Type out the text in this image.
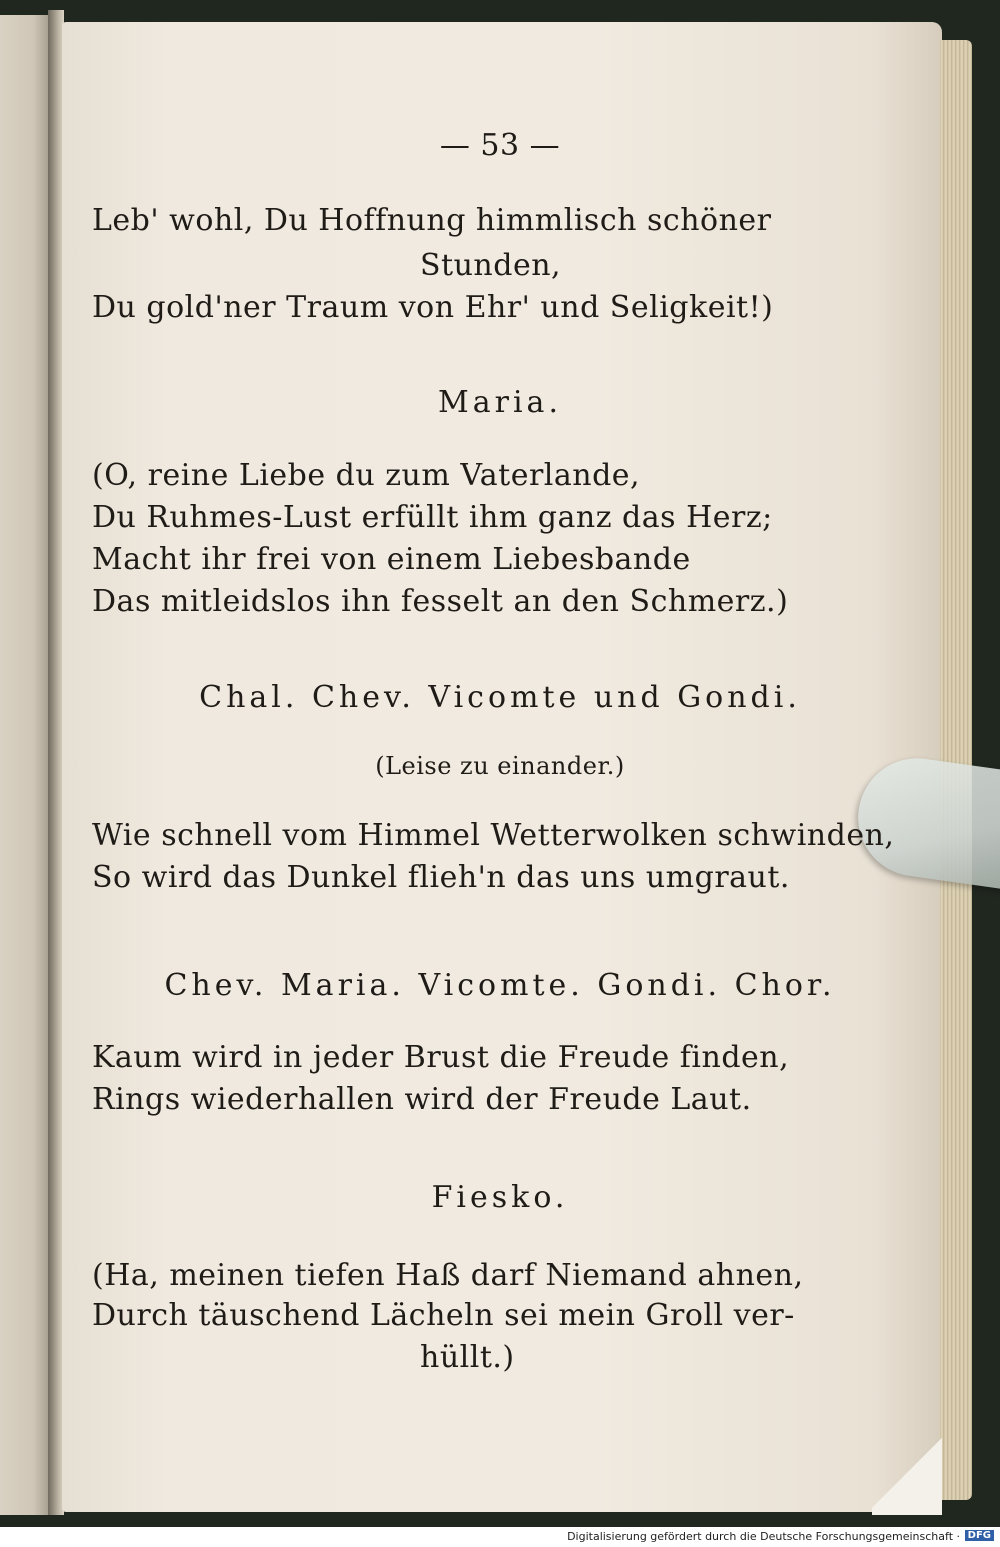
— 53 —
Leb' wohl, Du Hoffnung himmlisch schöner
Stunden,
Du gold'ner Traum von Ehr' und Seligkeit!)
Maria.
(O, reine Liebe du zum Vaterlande,
Du Ruhmes-Lust erfüllt ihm ganz das Herz;
Macht ihr frei von einem Liebesbande
Das mitleidslos ihn fesselt an den Schmerz.)
Chal. Chev. Vicomte und Gondi.
(Leise zu einander.)
Wie schnell vom Himmel Wetterwolken schwinden,
So wird das Dunkel flieh'n das uns umgraut.
Chev. Maria. Vicomte. Gondi. Chor.
Kaum wird in jeder Brust die Freude finden,
Rings wiederhallen wird der Freude Laut.
Fiesko.
(Ha, meinen tiefen Haß darf Niemand ahnen,
Durch täuschend Lächeln sei mein Groll ver-
hüllt.)
Digitalisierung gefördert durch die Deutsche Forschungsgemeinschaft · DFG
